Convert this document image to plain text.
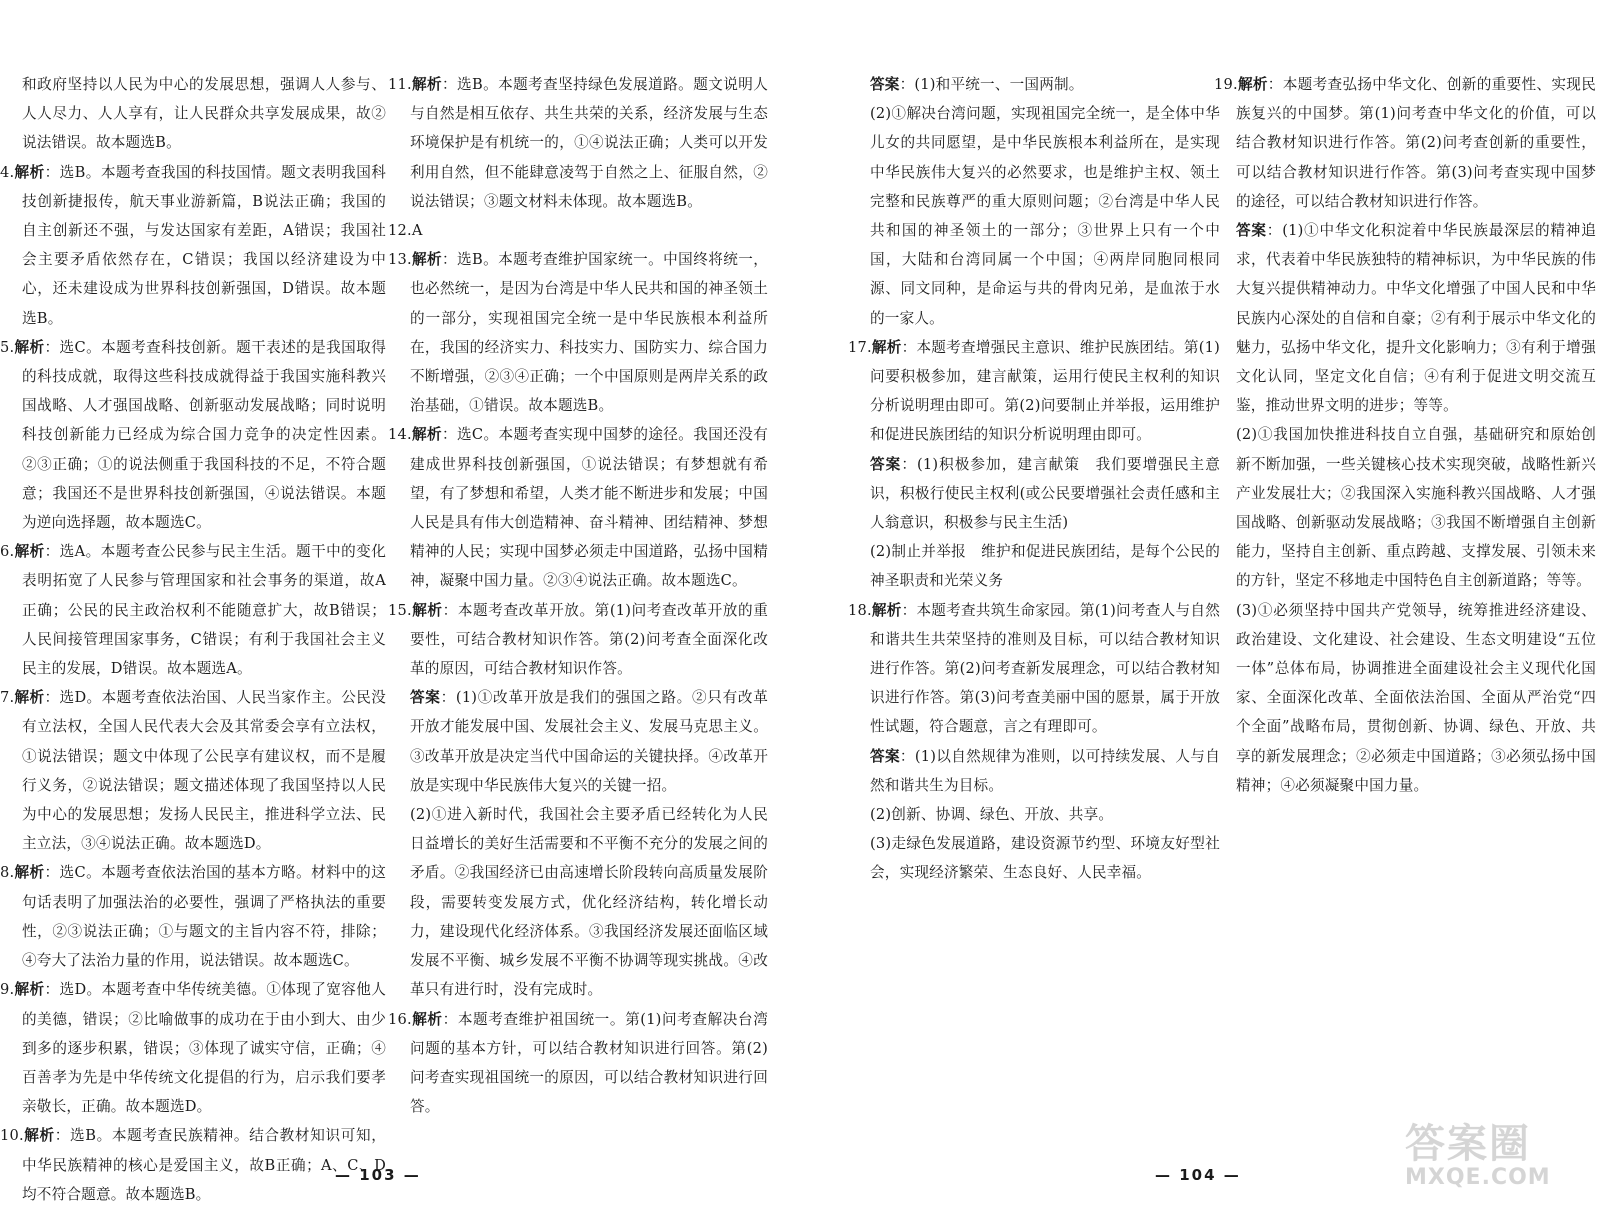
和政府坚持以人民为中心的发展思想，强调人人参与、人人尽力、人人享有，让人民群众共享发展成果，故②说法错误。故本题选B。

4.解析：选B。本题考查我国的科技国情。题文表明我国科技创新捷报传，航天事业游新篇，B说法正确；我国的自主创新还不强，与发达国家有差距，A错误；我国社会主要矛盾依然存在，C错误；我国以经济建设为中心，还未建设成为世界科技创新强国，D错误。故本题选B。

5.解析：选C。本题考查科技创新。题干表述的是我国取得的科技成就，取得这些科技成就得益于我国实施科教兴国战略、人才强国战略、创新驱动发展战略；同时说明科技创新能力已经成为综合国力竞争的决定性因素。②③正确；①的说法侧重于我国科技的不足，不符合题意；我国还不是世界科技创新强国，④说法错误。本题为逆向选择题，故本题选C。

6.解析：选A。本题考查公民参与民主生活。题干中的变化表明拓宽了人民参与管理国家和社会事务的渠道，故A正确；公民的民主政治权利不能随意扩大，故B错误；人民间接管理国家事务，C错误；有利于我国社会主义民主的发展，D错误。故本题选A。

7.解析：选D。本题考查依法治国、人民当家作主。公民没有立法权，全国人民代表大会及其常委会享有立法权，①说法错误；题文中体现了公民享有建议权，而不是履行义务，②说法错误；题文描述体现了我国坚持以人民为中心的发展思想；发扬人民民主，推进科学立法、民主立法，③④说法正确。故本题选D。

8.解析：选C。本题考查依法治国的基本方略。材料中的这句话表明了加强法治的必要性，强调了严格执法的重要性，②③说法正确；①与题文的主旨内容不符，排除；④夸大了法治力量的作用，说法错误。故本题选C。

9.解析：选D。本题考查中华传统美德。①体现了宽容他人的美德，错误；②比喻做事的成功在于由小到大、由少到多的逐步积累，错误；③体现了诚实守信，正确；④百善孝为先是中华传统文化提倡的行为，启示我们要孝亲敬长，正确。故本题选D。

10.解析：选B。本题考查民族精神。结合教材知识可知，中华民族精神的核心是爱国主义，故B正确；A、C、D均不符合题意。故本题选B。

11.解析：选B。本题考查坚持绿色发展道路。题文说明人与自然是相互依存、共生共荣的关系，经济发展与生态环境保护是有机统一的，①④说法正确；人类可以开发利用自然，但不能肆意凌驾于自然之上、征服自然，②说法错误；③题文材料未体现。故本题选B。

12.A

13.解析：选B。本题考查维护国家统一。中国终将统一，也必然统一，是因为台湾是中华人民共和国的神圣领土的一部分，实现祖国完全统一是中华民族根本利益所在，我国的经济实力、科技实力、国防实力、综合国力不断增强，②③④正确；一个中国原则是两岸关系的政治基础，①错误。故本题选B。

14.解析：选C。本题考查实现中国梦的途径。我国还没有建成世界科技创新强国，①说法错误；有梦想就有希望，有了梦想和希望，人类才能不断进步和发展；中国人民是具有伟大创造精神、奋斗精神、团结精神、梦想精神的人民；实现中国梦必须走中国道路，弘扬中国精神，凝聚中国力量。②③④说法正确。故本题选C。

15.解析：本题考查改革开放。第(1)问考查改革开放的重要性，可结合教材知识作答。第(2)问考查全面深化改革的原因，可结合教材知识作答。

答案：(1)①改革开放是我们的强国之路。②只有改革开放才能发展中国、发展社会主义、发展马克思主义。③改革开放是决定当代中国命运的关键抉择。④改革开放是实现中华民族伟大复兴的关键一招。

(2)①进入新时代，我国社会主要矛盾已经转化为人民日益增长的美好生活需要和不平衡不充分的发展之间的矛盾。②我国经济已由高速增长阶段转向高质量发展阶段，需要转变发展方式，优化经济结构，转化增长动力，建设现代化经济体系。③我国经济发展还面临区域发展不平衡、城乡发展不平衡不协调等现实挑战。④改革只有进行时，没有完成时。

16.解析：本题考查维护祖国统一。第(1)问考查解决台湾问题的基本方针，可以结合教材知识进行回答。第(2)问考查实现祖国统一的原因，可以结合教材知识进行回答。

答案：(1)和平统一、一国两制。

(2)①解决台湾问题，实现祖国完全统一，是全体中华儿女的共同愿望，是中华民族根本利益所在，是实现中华民族伟大复兴的必然要求，也是维护主权、领土完整和民族尊严的重大原则问题；②台湾是中华人民共和国的神圣领土的一部分；③世界上只有一个中国，大陆和台湾同属一个中国；④两岸同胞同根同源、同文同种，是命运与共的骨肉兄弟，是血浓于水的一家人。

17.解析：本题考查增强民主意识、维护民族团结。第(1)问要积极参加，建言献策，运用行使民主权利的知识分析说明理由即可。第(2)问要制止并举报，运用维护和促进民族团结的知识分析说明理由即可。

答案：(1)积极参加，建言献策　我们要增强民主意识，积极行使民主权利(或公民要增强社会责任感和主人翁意识，积极参与民主生活)

(2)制止并举报　维护和促进民族团结，是每个公民的神圣职责和光荣义务

18.解析：本题考查共筑生命家园。第(1)问考查人与自然和谐共生共荣坚持的准则及目标，可以结合教材知识进行作答。第(2)问考查新发展理念，可以结合教材知识进行作答。第(3)问考查美丽中国的愿景，属于开放性试题，符合题意，言之有理即可。

答案：(1)以自然规律为准则，以可持续发展、人与自然和谐共生为目标。

(2)创新、协调、绿色、开放、共享。

(3)走绿色发展道路，建设资源节约型、环境友好型社会，实现经济繁荣、生态良好、人民幸福。

19.解析：本题考查弘扬中华文化、创新的重要性、实现民族复兴的中国梦。第(1)问考查中华文化的价值，可以结合教材知识进行作答。第(2)问考查创新的重要性，可以结合教材知识进行作答。第(3)问考查实现中国梦的途径，可以结合教材知识进行作答。

答案：(1)①中华文化积淀着中华民族最深层的精神追求，代表着中华民族独特的精神标识，为中华民族的伟大复兴提供精神动力。中华文化增强了中国人民和中华民族内心深处的自信和自豪；②有利于展示中华文化的魅力，弘扬中华文化，提升文化影响力；③有利于增强文化认同，坚定文化自信；④有利于促进文明交流互鉴，推动世界文明的进步；等等。

(2)①我国加快推进科技自立自强，基础研究和原始创新不断加强，一些关键核心技术实现突破，战略性新兴产业发展壮大；②我国深入实施科教兴国战略、人才强国战略、创新驱动发展战略；③我国不断增强自主创新能力，坚持自主创新、重点跨越、支撑发展、引领未来的方针，坚定不移地走中国特色自主创新道路；等等。

(3)①必须坚持中国共产党领导，统筹推进经济建设、政治建设、文化建设、社会建设、生态文明建设“五位一体”总体布局，协调推进全面建设社会主义现代化国家、全面深化改革、全面依法治国、全面从严治党“四个全面”战略布局，贯彻创新、协调、绿色、开放、共享的新发展理念；②必须走中国道路；③必须弘扬中国精神；④必须凝聚中国力量。

— 103 —	— 104 —
答案圈
MXQE.COM
